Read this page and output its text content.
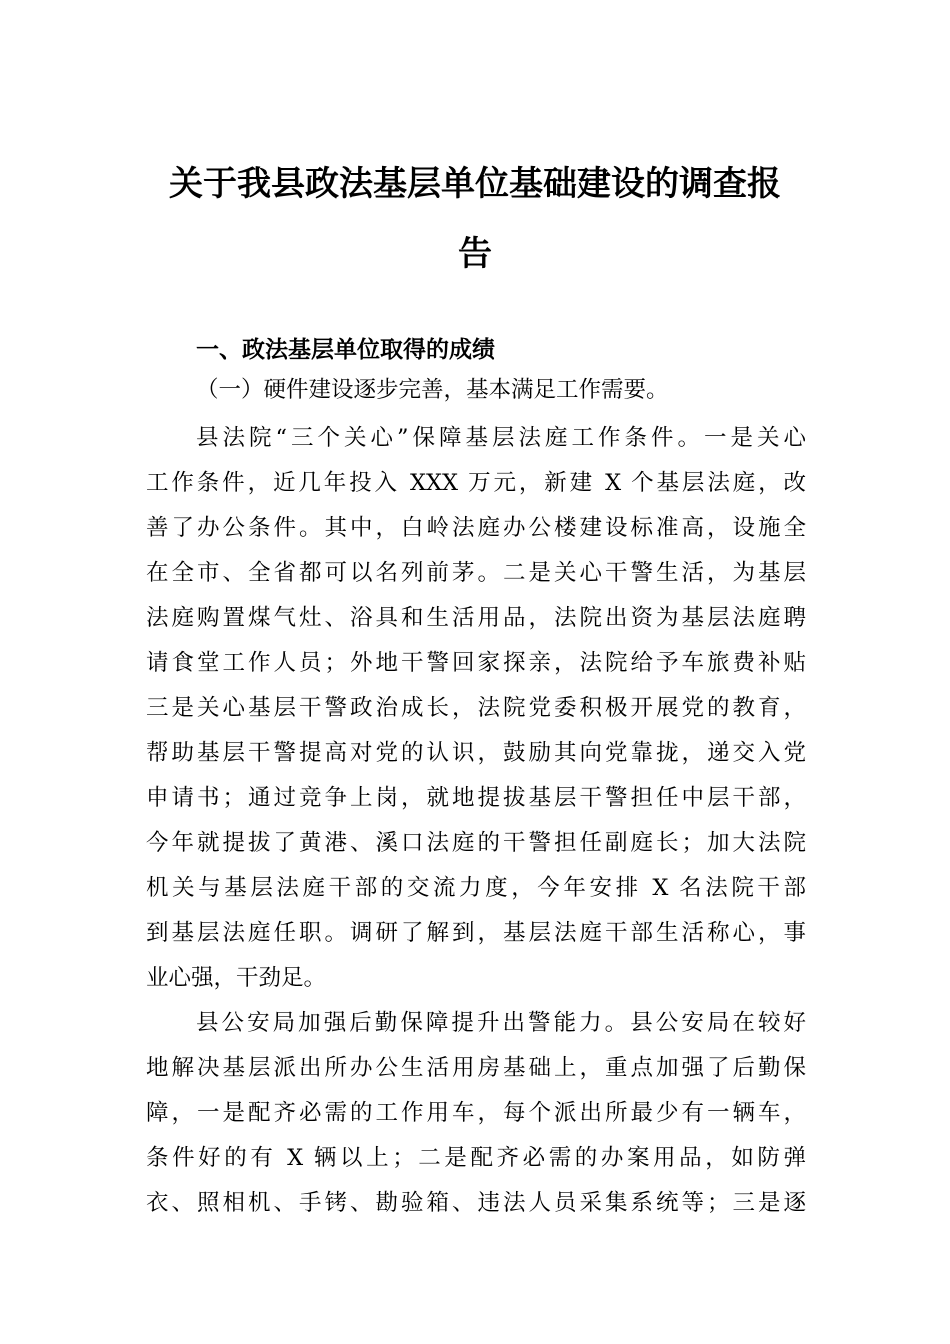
关于我县政法基层单位基础建设的调查报
告
一、政法基层单位取得的成绩
（一）硬件建设逐步完善，基本满足工作需要。
县法院“三个关心”保障基层法庭工作条件。一是关心
工作条件，近几年投入 XXX 万元，新建 X 个基层法庭，改
善了办公条件。其中，白岭法庭办公楼建设标准高，设施全
在全市、全省都可以名列前茅。二是关心干警生活，为基层
法庭购置煤气灶、浴具和生活用品，法院出资为基层法庭聘
请食堂工作人员；外地干警回家探亲，法院给予车旅费补贴
三是关心基层干警政治成长，法院党委积极开展党的教育，
帮助基层干警提高对党的认识，鼓励其向党靠拢，递交入党
申请书；通过竞争上岗，就地提拔基层干警担任中层干部，
今年就提拔了黄港、溪口法庭的干警担任副庭长；加大法院
机关与基层法庭干部的交流力度，今年安排 X 名法院干部
到基层法庭任职。调研了解到，基层法庭干部生活称心，事
业心强，干劲足。
县公安局加强后勤保障提升出警能力。县公安局在较好
地解决基层派出所办公生活用房基础上，重点加强了后勤保
障，一是配齐必需的工作用车，每个派出所最少有一辆车，
条件好的有 X 辆以上；二是配齐必需的办案用品，如防弹
衣、照相机、手铐、勘验箱、违法人员采集系统等；三是逐
